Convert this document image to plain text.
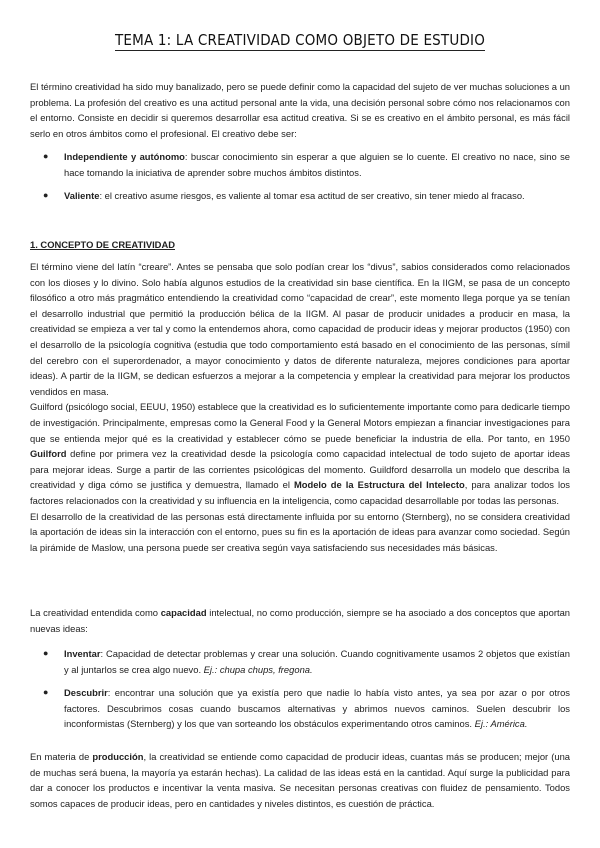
TEMA 1: LA CREATIVIDAD COMO OBJETO DE ESTUDIO

El término creatividad ha sido muy banalizado, pero se puede definir como la capacidad del sujeto de ver muchas soluciones a un problema. La profesión del creativo es una actitud personal ante la vida, una decisión personal sobre cómo nos relacionamos con el entorno. Consiste en decidir si queremos desarrollar esa actitud creativa. Si se es creativo en el ámbito personal, es más fácil serlo en otros ámbitos como el profesional. El creativo debe ser:

● Independiente y autónomo: buscar conocimiento sin esperar a que alguien se lo cuente. El creativo no nace, sino se hace tomando la iniciativa de aprender sobre muchos ámbitos distintos.
● Valiente: el creativo asume riesgos, es valiente al tomar esa actitud de ser creativo, sin tener miedo al fracaso.

1. CONCEPTO DE CREATIVIDAD

El término viene del latín “creare”. Antes se pensaba que solo podían crear los “divus”, sabios considerados como relacionados con los dioses y lo divino. Solo había algunos estudios de la creatividad sin base científica. En la IIGM, se pasa de un concepto filosófico a otro más pragmático entendiendo la creatividad como “capacidad de crear”, este momento llega porque ya se tenían el desarrollo industrial que permitió la producción bélica de la IIGM. Al pasar de producir unidades a producir en masa, la creatividad se empieza a ver tal y como la entendemos ahora, como capacidad de producir ideas y mejorar productos (1950) con el desarrollo de la psicología cognitiva (estudia que todo comportamiento está basado en el conocimiento de las personas, símil del cerebro con el superordenador, a mayor conocimiento y datos de diferente naturaleza, mejores condiciones para aportar ideas). A partir de la IIGM, se dedican esfuerzos a mejorar a la competencia y emplear la creatividad para mejorar los productos vendidos en masa.

Guilford (psicólogo social, EEUU, 1950) establece que la creatividad es lo suficientemente importante como para dedicarle tiempo de investigación. Principalmente, empresas como la General Food y la General Motors empiezan a financiar investigaciones para que se entienda mejor qué es la creatividad y establecer cómo se puede beneficiar la industria de ella. Por tanto, en 1950 Guilford define por primera vez la creatividad desde la psicología como capacidad intelectual de todo sujeto de aportar ideas para mejorar ideas. Surge a partir de las corrientes psicológicas del momento. Guildford desarrolla un modelo que describa la creatividad y diga cómo se justifica y demuestra, llamado el Modelo de la Estructura del Intelecto, para analizar todos los factores relacionados con la creatividad y su influencia en la inteligencia, como capacidad desarrollable por todas las personas.

El desarrollo de la creatividad de las personas está directamente influida por su entorno (Sternberg), no se considera creatividad la aportación de ideas sin la interacción con el entorno, pues su fin es la aportación de ideas para avanzar como sociedad. Según la pirámide de Maslow, una persona puede ser creativa según vaya satisfaciendo sus necesidades más básicas.

La creatividad entendida como capacidad intelectual, no como producción, siempre se ha asociado a dos conceptos que aportan nuevas ideas:

● Inventar: Capacidad de detectar problemas y crear una solución. Cuando cognitivamente usamos 2 objetos que existían y al juntarlos se crea algo nuevo. Ej.: chupa chups, fregona.
● Descubrir: encontrar una solución que ya existía pero que nadie lo había visto antes, ya sea por azar o por otros factores. Descubrimos cosas cuando buscamos alternativas y abrimos nuevos caminos. Suelen descubrir los inconformistas (Sternberg) y los que van sorteando los obstáculos experimentando otros caminos. Ej.: América.

En materia de producción, la creatividad se entiende como capacidad de producir ideas, cuantas más se producen; mejor (una de muchas será buena, la mayoría ya estarán hechas). La calidad de las ideas está en la cantidad. Aquí surge la publicidad para dar a conocer los productos e incentivar la venta masiva. Se necesitan personas creativas con fluidez de pensamiento. Todos somos capaces de producir ideas, pero en cantidades y niveles distintos, es cuestión de práctica.
